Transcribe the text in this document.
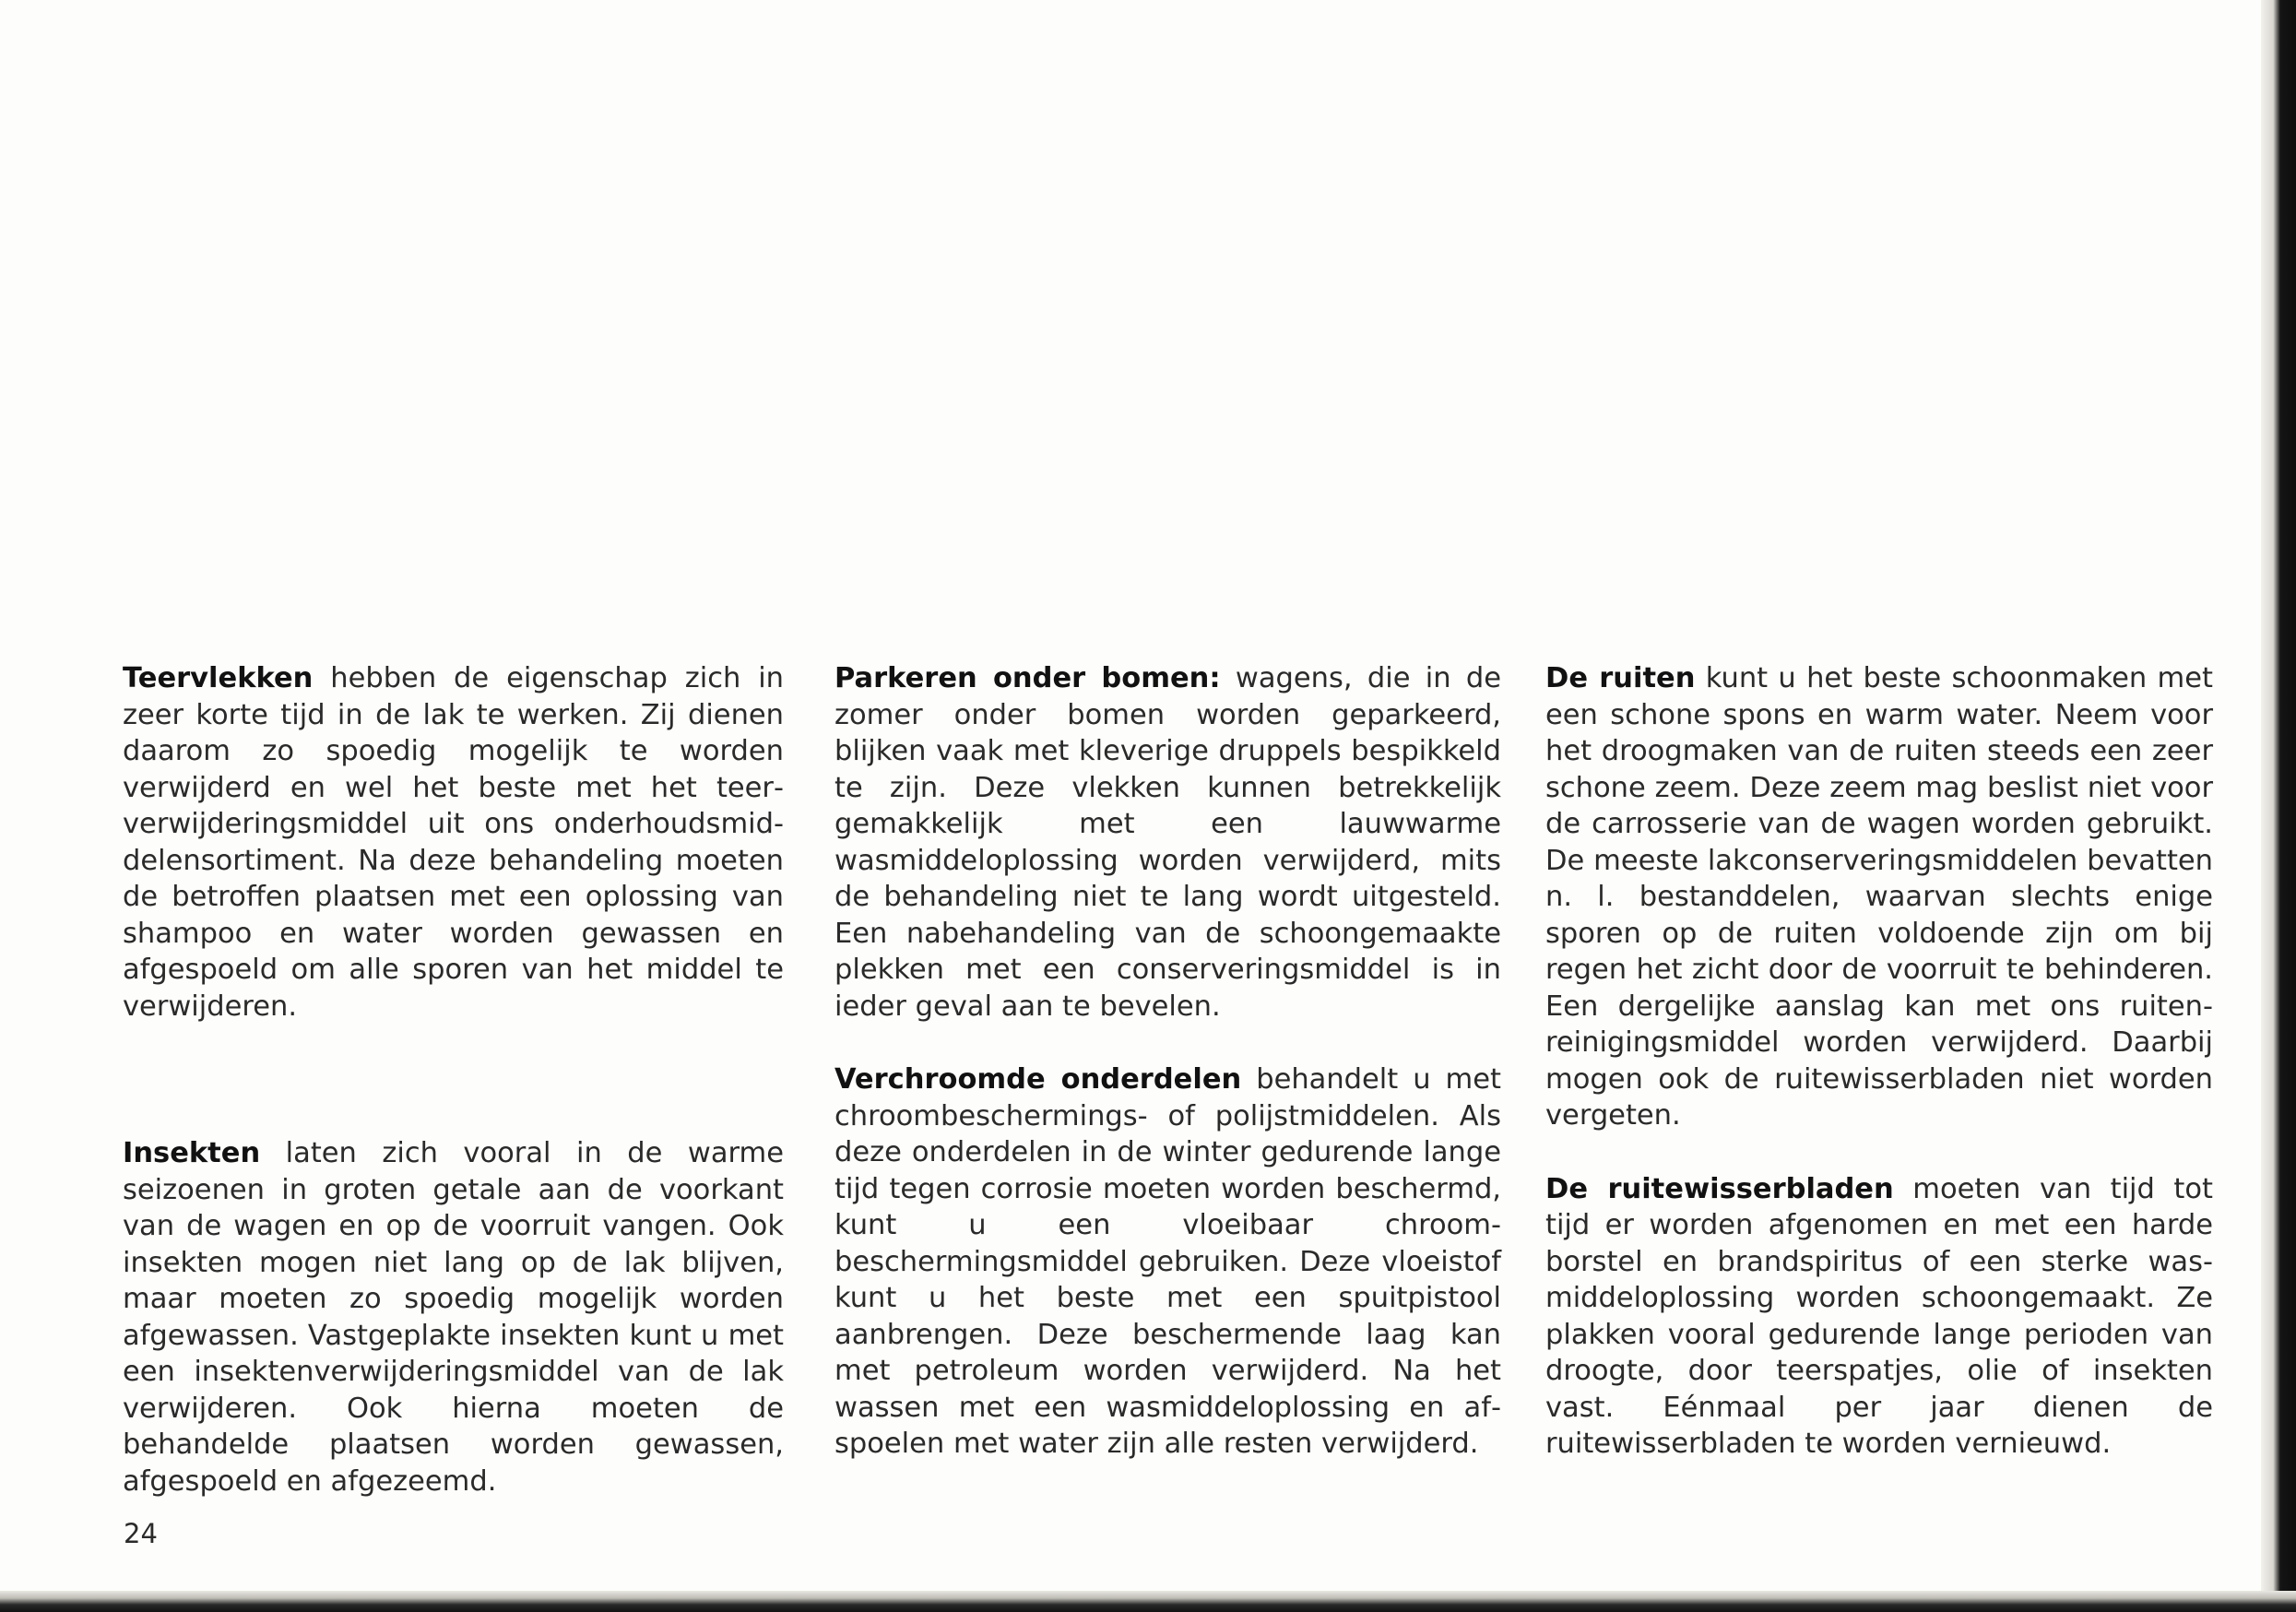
Teervlekken hebben de eigenschap zich in zeer korte tijd in de lak te werken. Zij dienen daarom zo spoedig mogelijk te worden verwijderd en wel het beste met het teerverwijderingsmiddel uit ons onderhoudsmiddelensortiment. Na deze behandeling moeten de betroffen plaatsen met een oplossing van shampoo en water worden gewassen en afgespoeld om alle sporen van het middel te verwijderen.

Insekten laten zich vooral in de warme seizoenen in groten getale aan de voorkant van de wagen en op de voorruit vangen. Ook insekten mogen niet lang op de lak blijven, maar moeten zo spoedig mogelijk worden afgewassen. Vastgeplakte insekten kunt u met een insektenverwijderingsmiddel van de lak verwijderen. Ook hierna moeten de behandelde plaatsen worden gewassen, afgespoeld en afgezeemd.

Parkeren onder bomen: wagens, die in de zomer onder bomen worden geparkeerd, blijken vaak met kleverige druppels bespikkeld te zijn. Deze vlekken kunnen betrekkelijk gemakkelijk met een lauwwarme wasmiddeloplossing worden verwijderd, mits de behandeling niet te lang wordt uitgesteld. Een nabehandeling van de schoongemaakte plekken met een conserveringsmiddel is in ieder geval aan te bevelen.

Verchroomde onderdelen behandelt u met chroombeschermings- of polijstmiddelen. Als deze onderdelen in de winter gedurende lange tijd tegen corrosie moeten worden beschermd, kunt u een vloeibaar chroombeschermingsmiddel gebruiken. Deze vloeistof kunt u het beste met een spuitpistool aanbrengen. Deze beschermende laag kan met petroleum worden verwijderd. Na het wassen met een wasmiddeloplossing en afspoelen met water zijn alle resten verwijderd.

De ruiten kunt u het beste schoonmaken met een schone spons en warm water. Neem voor het droogmaken van de ruiten steeds een zeer schone zeem. Deze zeem mag beslist niet voor de carrosserie van de wagen worden gebruikt. De meeste lakconserveringsmiddelen bevatten n. l. bestanddelen, waarvan slechts enige sporen op de ruiten voldoende zijn om bij regen het zicht door de voorruit te behinderen. Een dergelijke aanslag kan met ons ruitenreinigingsmiddel worden verwijderd. Daarbij mogen ook de ruitewisserbladen niet worden vergeten.

De ruitewisserbladen moeten van tijd tot tijd er worden afgenomen en met een harde borstel en brandspiritus of een sterke wasmiddeloplossing worden schoongemaakt. Ze plakken vooral gedurende lange perioden van droogte, door teerspatjes, olie of insekten vast. Eénmaal per jaar dienen de ruitewisserbladen te worden vernieuwd.

24
